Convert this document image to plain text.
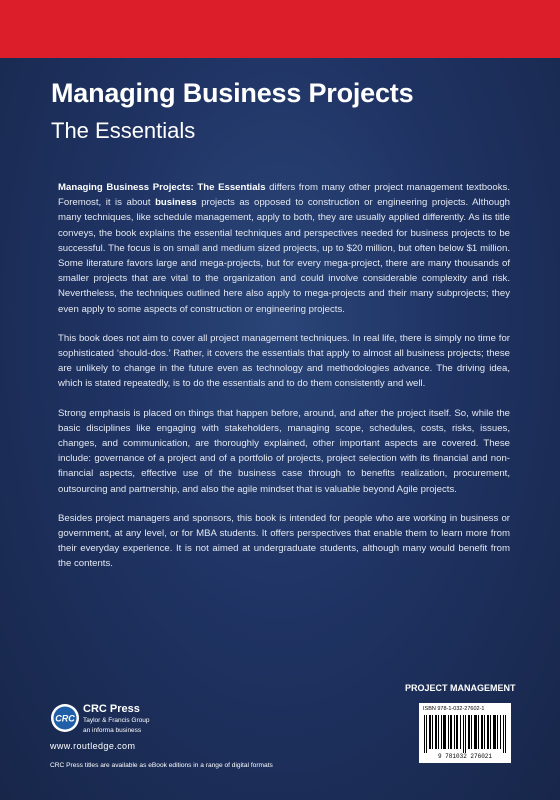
Managing Business Projects
The Essentials

Managing Business Projects: The Essentials differs from many other project management textbooks. Foremost, it is about business projects as opposed to construction or engineering projects. Although many techniques, like schedule management, apply to both, they are usually applied differently. As its title conveys, the book explains the essential techniques and perspectives needed for business projects to be successful. The focus is on small and medium sized projects, up to $20 million, but often below $1 million. Some literature favors large and mega-projects, but for every mega-project, there are many thousands of smaller projects that are vital to the organization and could involve considerable complexity and risk. Nevertheless, the techniques outlined here also apply to mega-projects and their many subprojects; they even apply to some aspects of construction or engineering projects.

This book does not aim to cover all project management techniques. In real life, there is simply no time for sophisticated ‘should-dos.’ Rather, it covers the essentials that apply to almost all business projects; these are unlikely to change in the future even as technology and methodologies advance. The driving idea, which is stated repeatedly, is to do the essentials and to do them consistently and well.

Strong emphasis is placed on things that happen before, around, and after the project itself. So, while the basic disciplines like engaging with stakeholders, managing scope, schedules, costs, risks, issues, changes, and communication, are thoroughly explained, other important aspects are covered. These include: governance of a project and of a portfolio of projects, project selection with its financial and non-financial aspects, effective use of the business case through to benefits realization, procurement, outsourcing and partnership, and also the agile mindset that is valuable beyond Agile projects.

Besides project managers and sponsors, this book is intended for people who are working in business or government, at any level, or for MBA students. It offers perspectives that enable them to learn more from their everyday experience. It is not aimed at undergraduate students, although many would benefit from the contents.

PROJECT MANAGEMENT
ISBN 978-1-032-27602-1
9 781032 276021
CRC
CRC Press
Taylor & Francis Group
an informa business
www.routledge.com
CRC Press titles are available as eBook editions in a range of digital formats
